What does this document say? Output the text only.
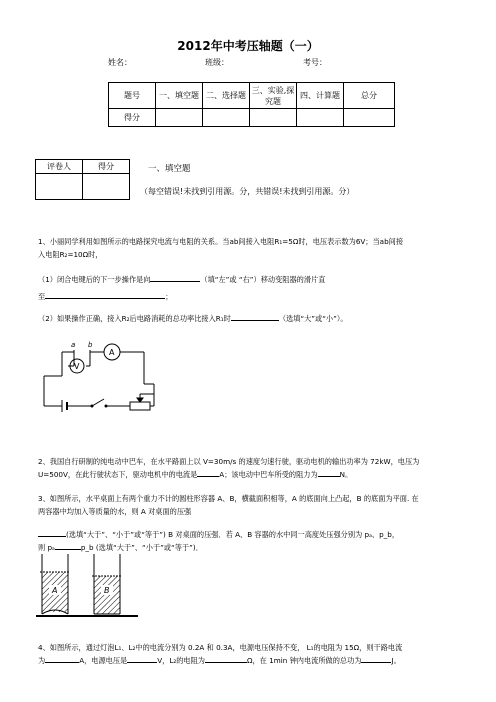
2012年中考压轴题（一）
姓名：	班级：	考号：
题号	一、填空题	二、选择题	三、实验,探究题	四、计算题	总分
得分					
评卷人	得分
		一、填空题
（每空错误!未找到引用源。分，共错误!未找到引用源。分）
1、小丽同学利用如图所示的电路探究电流与电阻的关系。当ab间接入电阻R₁=5Ω时，电压表示数为6V；当ab间接
入电阻R₂=10Ω时，
（1）闭合电键后的下一步操作是向	（填“左”或 “右”）移动变阻器的滑片直
至	；
（2）如果操作正确，接入R₂后电路消耗的总功率比接入R₁时	（选填“大”或“小”）。
a b
A
V
2、我国自行研制的纯电动中巴车，在水平路面上以 V=30m/s 的速度匀速行驶，驱动电机的输出功率为 72kW，电压为
U=500V，在此行驶状态下，驱动电机中的电流是	A；该电动中巴车所受的阻力为	N。
3、如图所示，水平桌面上有两个重力不计的圆柱形容器 A、B，横截面积相等，A 的底面向上凸起，B 的底面为平面. 在
两容器中均加入等质量的水，则 A 对桌面的压强
(选填“大于”、“小于”或“等于”) B 对桌面的压强．若 A、B 容器的水中同一高度处压强分别为 pₐ、p_b，
则 pₐ	p_b (选填“大于”、“小于”或“等于”)．
A	B
4、如图所示，通过灯泡L₁、L₂中的电流分别为 0.2A 和 0.3A，电源电压保持不变， L₁的电阻为 15Ω，则干路电流
为	A，电源电压是	V，L₂的电阻为	Ω，在 1min 钟内电流所做的总功为	J。
